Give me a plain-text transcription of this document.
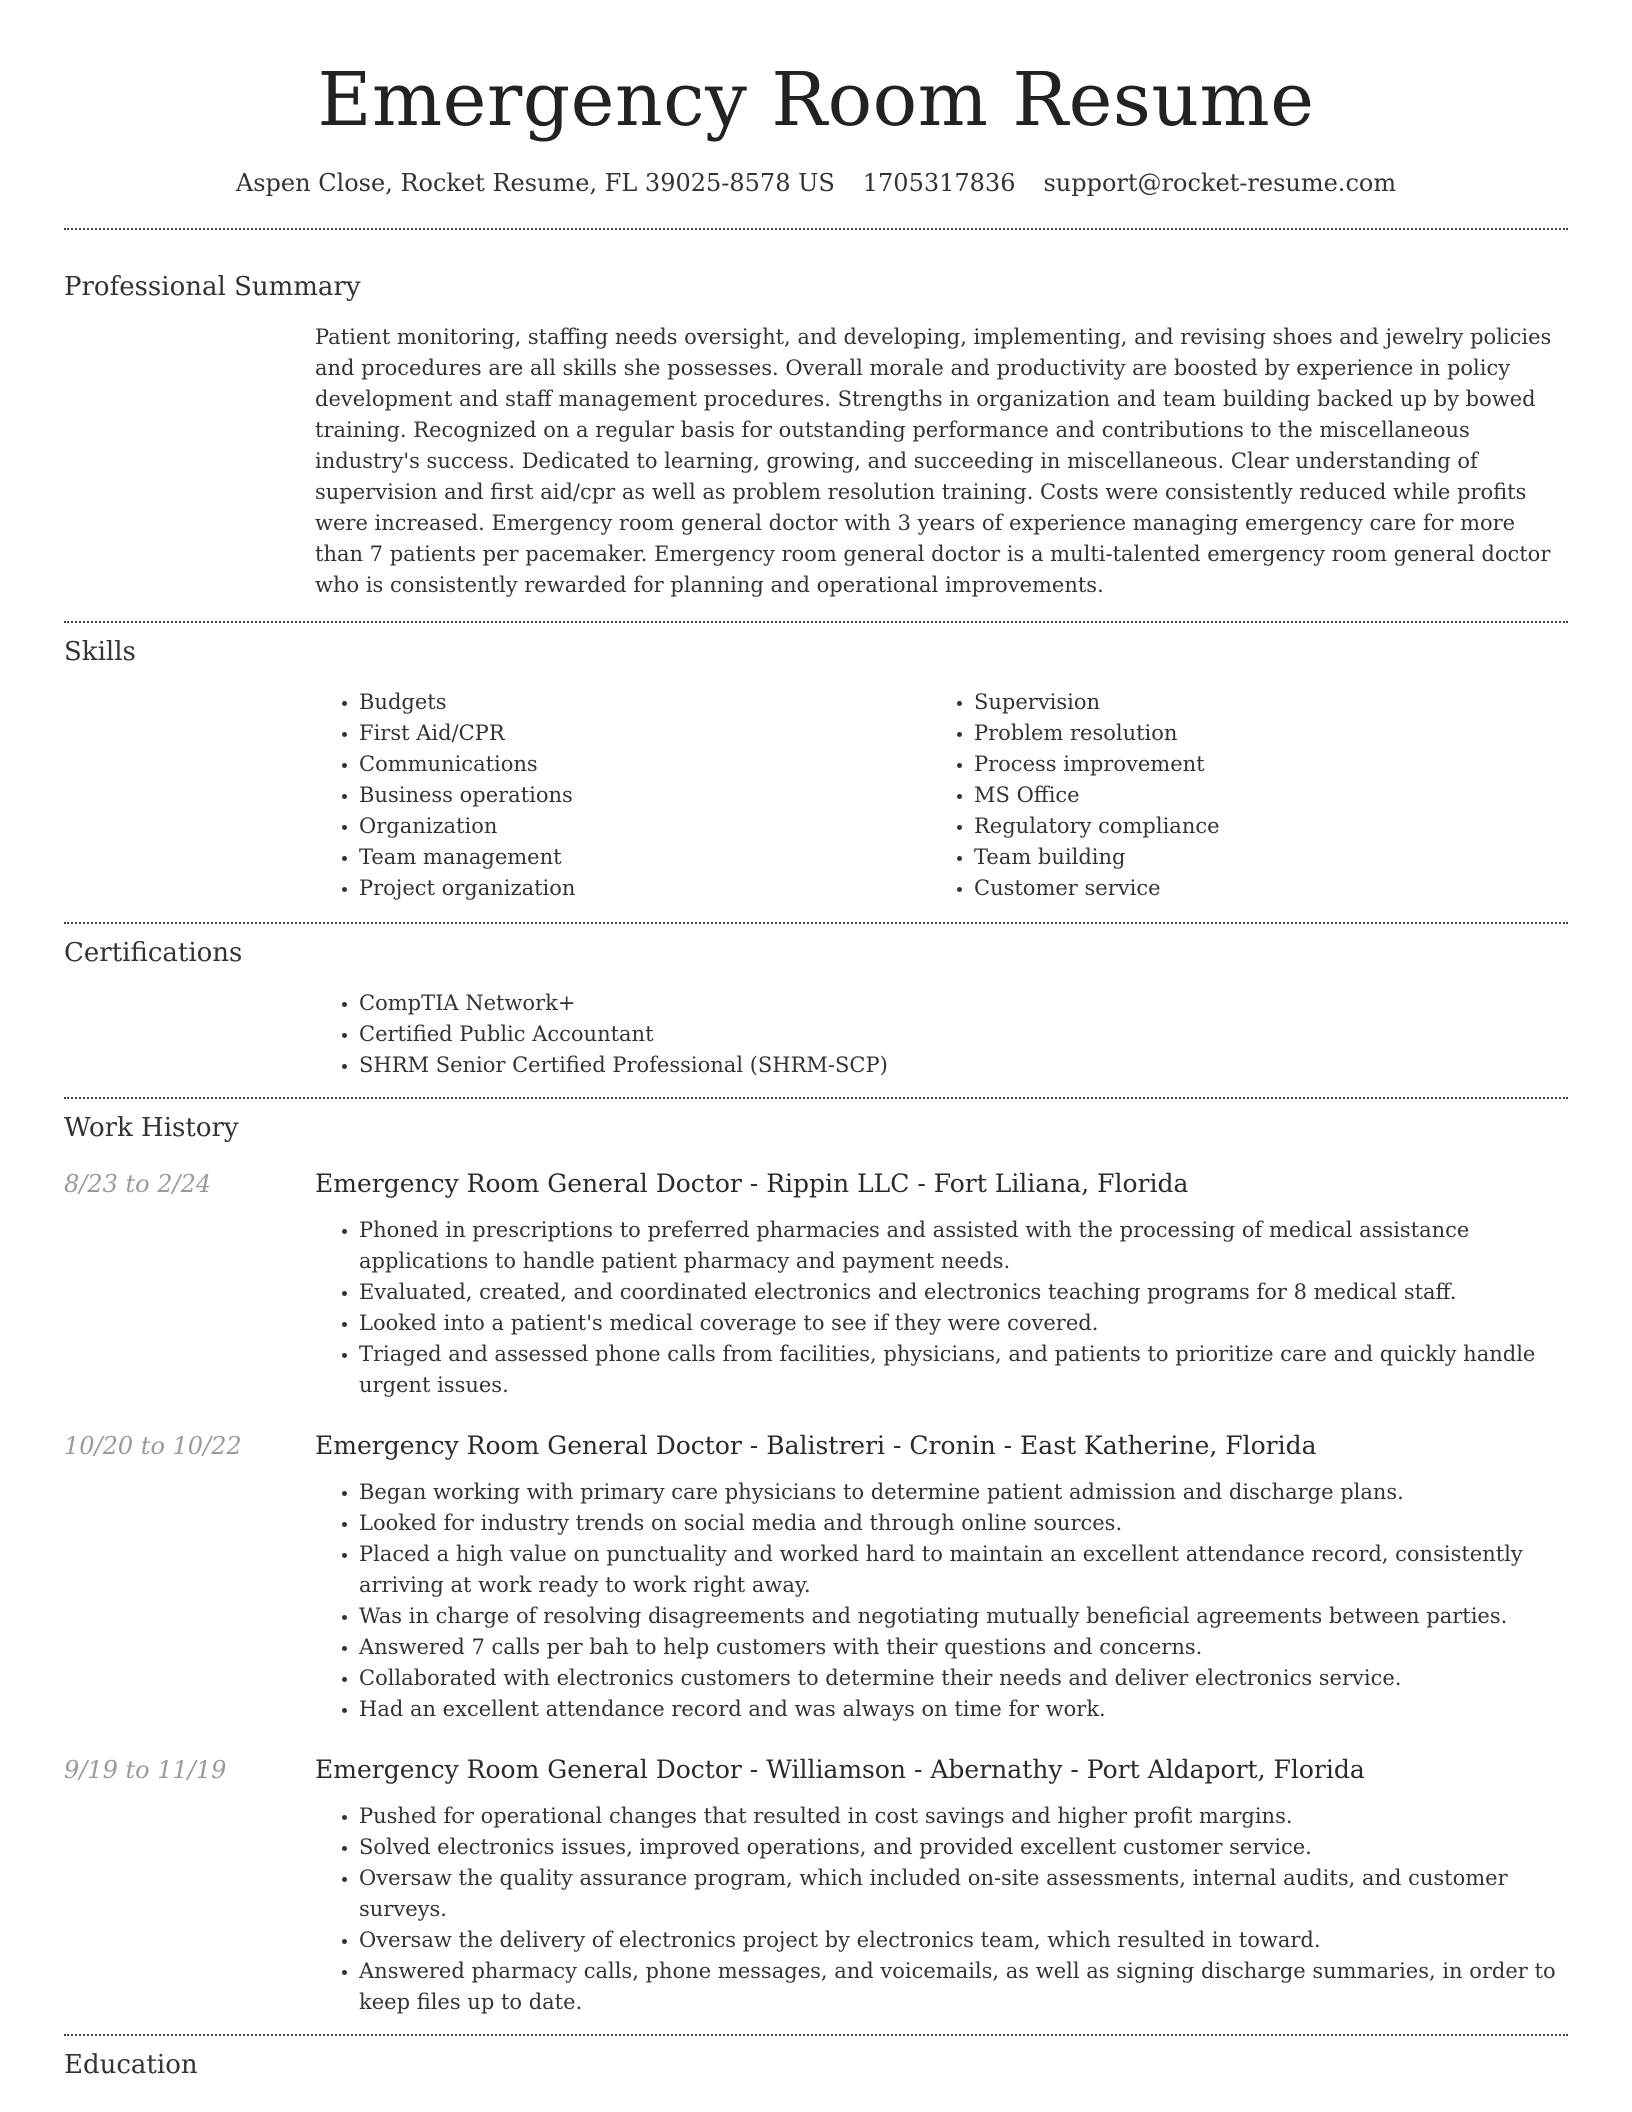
Emergency Room Resume
Aspen Close, Rocket Resume, FL 39025-8578 US 1705317836 support@rocket-resume.com
Professional Summary
Patient monitoring, staffing needs oversight, and developing, implementing, and revising shoes and jewelry policies and procedures are all skills she possesses. Overall morale and productivity are boosted by experience in policy development and staff management procedures. Strengths in organization and team building backed up by bowed training. Recognized on a regular basis for outstanding performance and contributions to the miscellaneous industry's success. Dedicated to learning, growing, and succeeding in miscellaneous. Clear understanding of supervision and first aid/cpr as well as problem resolution training. Costs were consistently reduced while profits were increased. Emergency room general doctor with 3 years of experience managing emergency care for more than 7 patients per pacemaker. Emergency room general doctor is a multi-talented emergency room general doctor who is consistently rewarded for planning and operational improvements.
Skills
• Budgets
• First Aid/CPR
• Communications
• Business operations
• Organization
• Team management
• Project organization
• Supervision
• Problem resolution
• Process improvement
• MS Office
• Regulatory compliance
• Team building
• Customer service
Certifications
• CompTIA Network+
• Certified Public Accountant
• SHRM Senior Certified Professional (SHRM-SCP)
Work History
8/23 to 2/24	Emergency Room General Doctor - Rippin LLC - Fort Liliana, Florida
• Phoned in prescriptions to preferred pharmacies and assisted with the processing of medical assistance applications to handle patient pharmacy and payment needs.
• Evaluated, created, and coordinated electronics and electronics teaching programs for 8 medical staff.
• Looked into a patient's medical coverage to see if they were covered.
• Triaged and assessed phone calls from facilities, physicians, and patients to prioritize care and quickly handle urgent issues.
10/20 to 10/22	Emergency Room General Doctor - Balistreri - Cronin - East Katherine, Florida
• Began working with primary care physicians to determine patient admission and discharge plans.
• Looked for industry trends on social media and through online sources.
• Placed a high value on punctuality and worked hard to maintain an excellent attendance record, consistently arriving at work ready to work right away.
• Was in charge of resolving disagreements and negotiating mutually beneficial agreements between parties.
• Answered 7 calls per bah to help customers with their questions and concerns.
• Collaborated with electronics customers to determine their needs and deliver electronics service.
• Had an excellent attendance record and was always on time for work.
9/19 to 11/19	Emergency Room General Doctor - Williamson - Abernathy - Port Aldaport, Florida
• Pushed for operational changes that resulted in cost savings and higher profit margins.
• Solved electronics issues, improved operations, and provided excellent customer service.
• Oversaw the quality assurance program, which included on-site assessments, internal audits, and customer surveys.
• Oversaw the delivery of electronics project by electronics team, which resulted in toward.
• Answered pharmacy calls, phone messages, and voicemails, as well as signing discharge summaries, in order to keep files up to date.
Education
